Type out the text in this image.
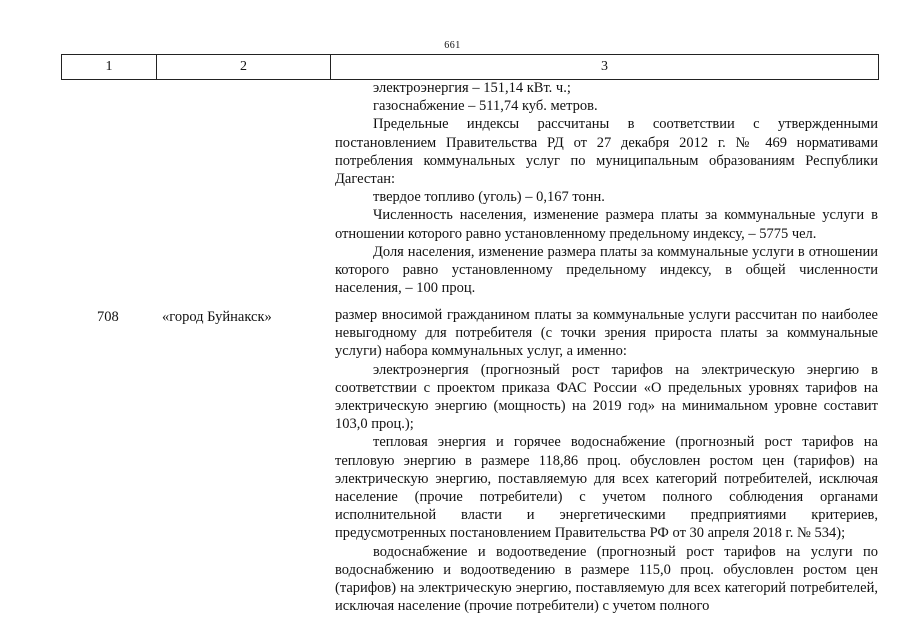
661
1	2	3

электроэнергия – 151,14 кВт. ч.;

газоснабжение – 511,74 куб. метров.

Предельные индексы рассчитаны в соответствии с утвержденными постановлением Правительства РД от 27 декабря 2012 г. № 469 нормативами потребления коммунальных услуг по муниципальным образованиям Республики Дагестан:

твердое топливо (уголь) – 0,167 тонн.

Численность населения, изменение размера платы за коммунальные услуги в отношении которого равно установленному предельному индексу, – 5775 чел.

Доля населения, изменение размера платы за коммунальные услуги в отношении которого равно установленному предельному индексу, в общей численности населения, – 100 проц.

708	«город Буйнакск»	размер вносимой гражданином платы за коммунальные услуги рассчитан по наиболее невыгодному для потребителя (с точки зрения прироста платы за коммунальные услуги) набора коммунальных услуг, а именно:

электроэнергия (прогнозный рост тарифов на электрическую энергию в соответствии с проектом приказа ФАС России «О предельных уровнях тарифов на электрическую энергию (мощность) на 2019 год» на минимальном уровне составит 103,0 проц.);

тепловая энергия и горячее водоснабжение (прогнозный рост тарифов на тепловую энергию в размере 118,86 проц. обусловлен ростом цен (тарифов) на электрическую энергию, поставляемую для всех категорий потребителей, исключая население (прочие потребители) с учетом полного соблюдения органами исполнительной власти и энергетическими предприятиями критериев, предусмотренных постановлением Правительства РФ от 30 апреля 2018 г. № 534);

водоснабжение и водоотведение (прогнозный рост тарифов на услуги по водоснабжению и водоотведению в размере 115,0 проц. обусловлен ростом цен (тарифов) на электрическую энергию, поставляемую для всех категорий потребителей, исключая население (прочие потребители) с учетом полного
